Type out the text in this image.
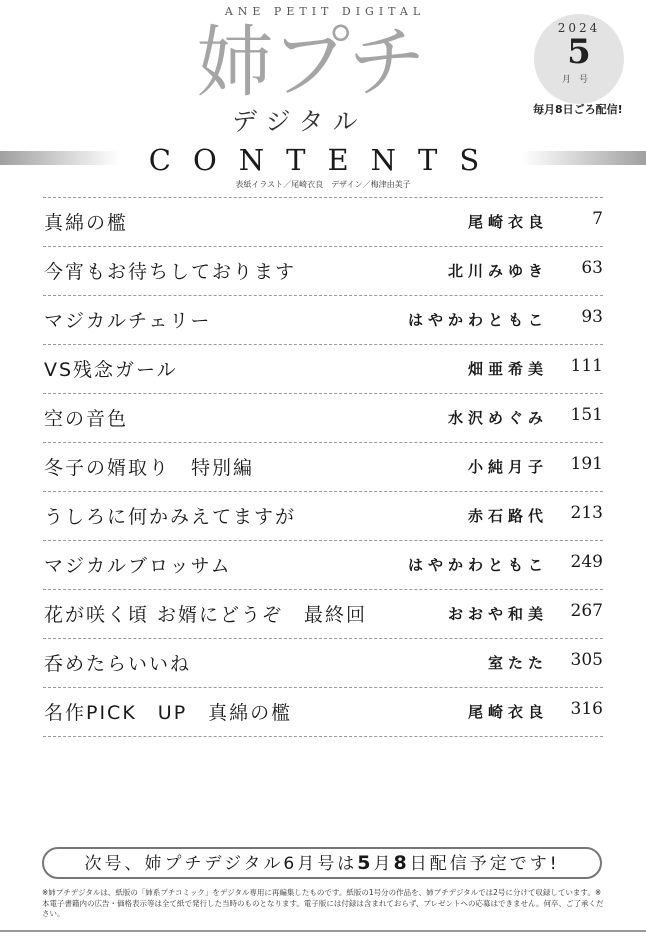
ANE PETIT DIGITAL
姉プチ
デジタル
2024
5
月号
毎月8日ごろ配信!
CONTENTS
表紙イラスト／尾崎衣良　デザイン／梅津由美子
真綿の檻	尾崎衣良	7
今宵もお待ちしております	北川みゆき 63
マジカルチェリー	はやかわともこ 93
VS残念ガール	畑亜希美 111
空の音色	水沢めぐみ 151
冬子の婿取り　特別編	小純月子 191
うしろに何かみえてますが	赤石路代 213
マジカルブロッサム	はやかわともこ 249
花が咲く頃 お婿にどうぞ　最終回	おおや和美 267
呑めたらいいね	室たた 305
名作PICK　UP　真綿の檻	尾崎衣良 316
次号、姉プチデジタル6月号は5月8日配信予定です!
※姉プチデジタルは、紙版の「姉系プチコミック」をデジタル専用に再編集したものです。紙版の1号分の作品を、姉プチデジタルでは2号に分けて収録しています。※本電子書籍内の広告・価格表示等は全て紙で発行した当時のものとなります。電子版には付録は含まれておらず、プレゼントへの応募はできません。何卒、ご了承ください。
